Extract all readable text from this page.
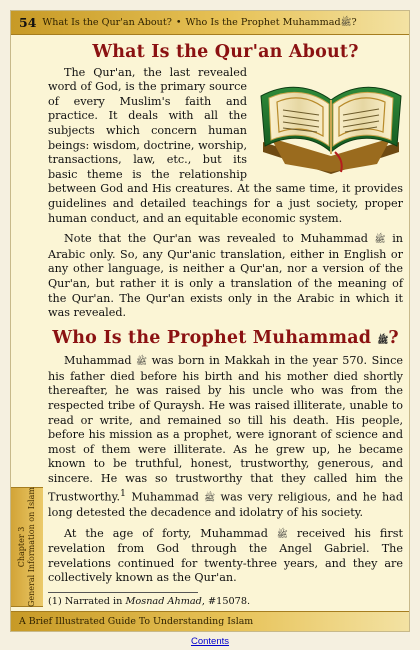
54 What Is the Qur'an About? • Who Is the Prophet Muhammad ﷺ ?
Chapter 3 General Information on Islam
What Is the Qur'an About?

The Qur'an, the last revealed word of God, is the primary source of every Muslim's faith and practice. It deals with all the subjects which concern human beings: wisdom, doctrine, worship, transactions, law, etc., but its basic theme is the relationship between God and His creatures. At the same time, it provides guidelines and detailed teachings for a just society, proper human conduct, and an equitable economic system.

Note that the Qur'an was revealed to Muhammad ﷺ in Arabic only. So, any Qur'anic translation, either in English or any other language, is neither a Qur'an, nor a version of the Qur'an, but rather it is only a translation of the meaning of the Qur'an. The Qur'an exists only in the Arabic in which it was revealed.

Who Is the Prophet Muhammad ﷺ?

Muhammad ﷺ was born in Makkah in the year 570. Since his father died before his birth and his mother died shortly thereafter, he was raised by his uncle who was from the respected tribe of Quraysh. He was raised illiterate, unable to read or write, and remained so till his death. His people, before his mission as a prophet, were ignorant of science and most of them were illiterate. As he grew up, he became known to be truthful, honest, trustworthy, generous, and sincere. He was so trustworthy that they called him the Trustworthy.$^1$ Muhammad ﷺ was very religious, and he had long detested the decadence and idolatry of his society.

At the age of forty, Muhammad ﷺ received his first revelation from God through the Angel Gabriel. The revelations continued for twenty-three years, and they are collectively known as the Qur'an.

(1) Narrated in Mosnad Ahmad, #15078.

A Brief Illustrated Guide To Understanding Islam
Contents
